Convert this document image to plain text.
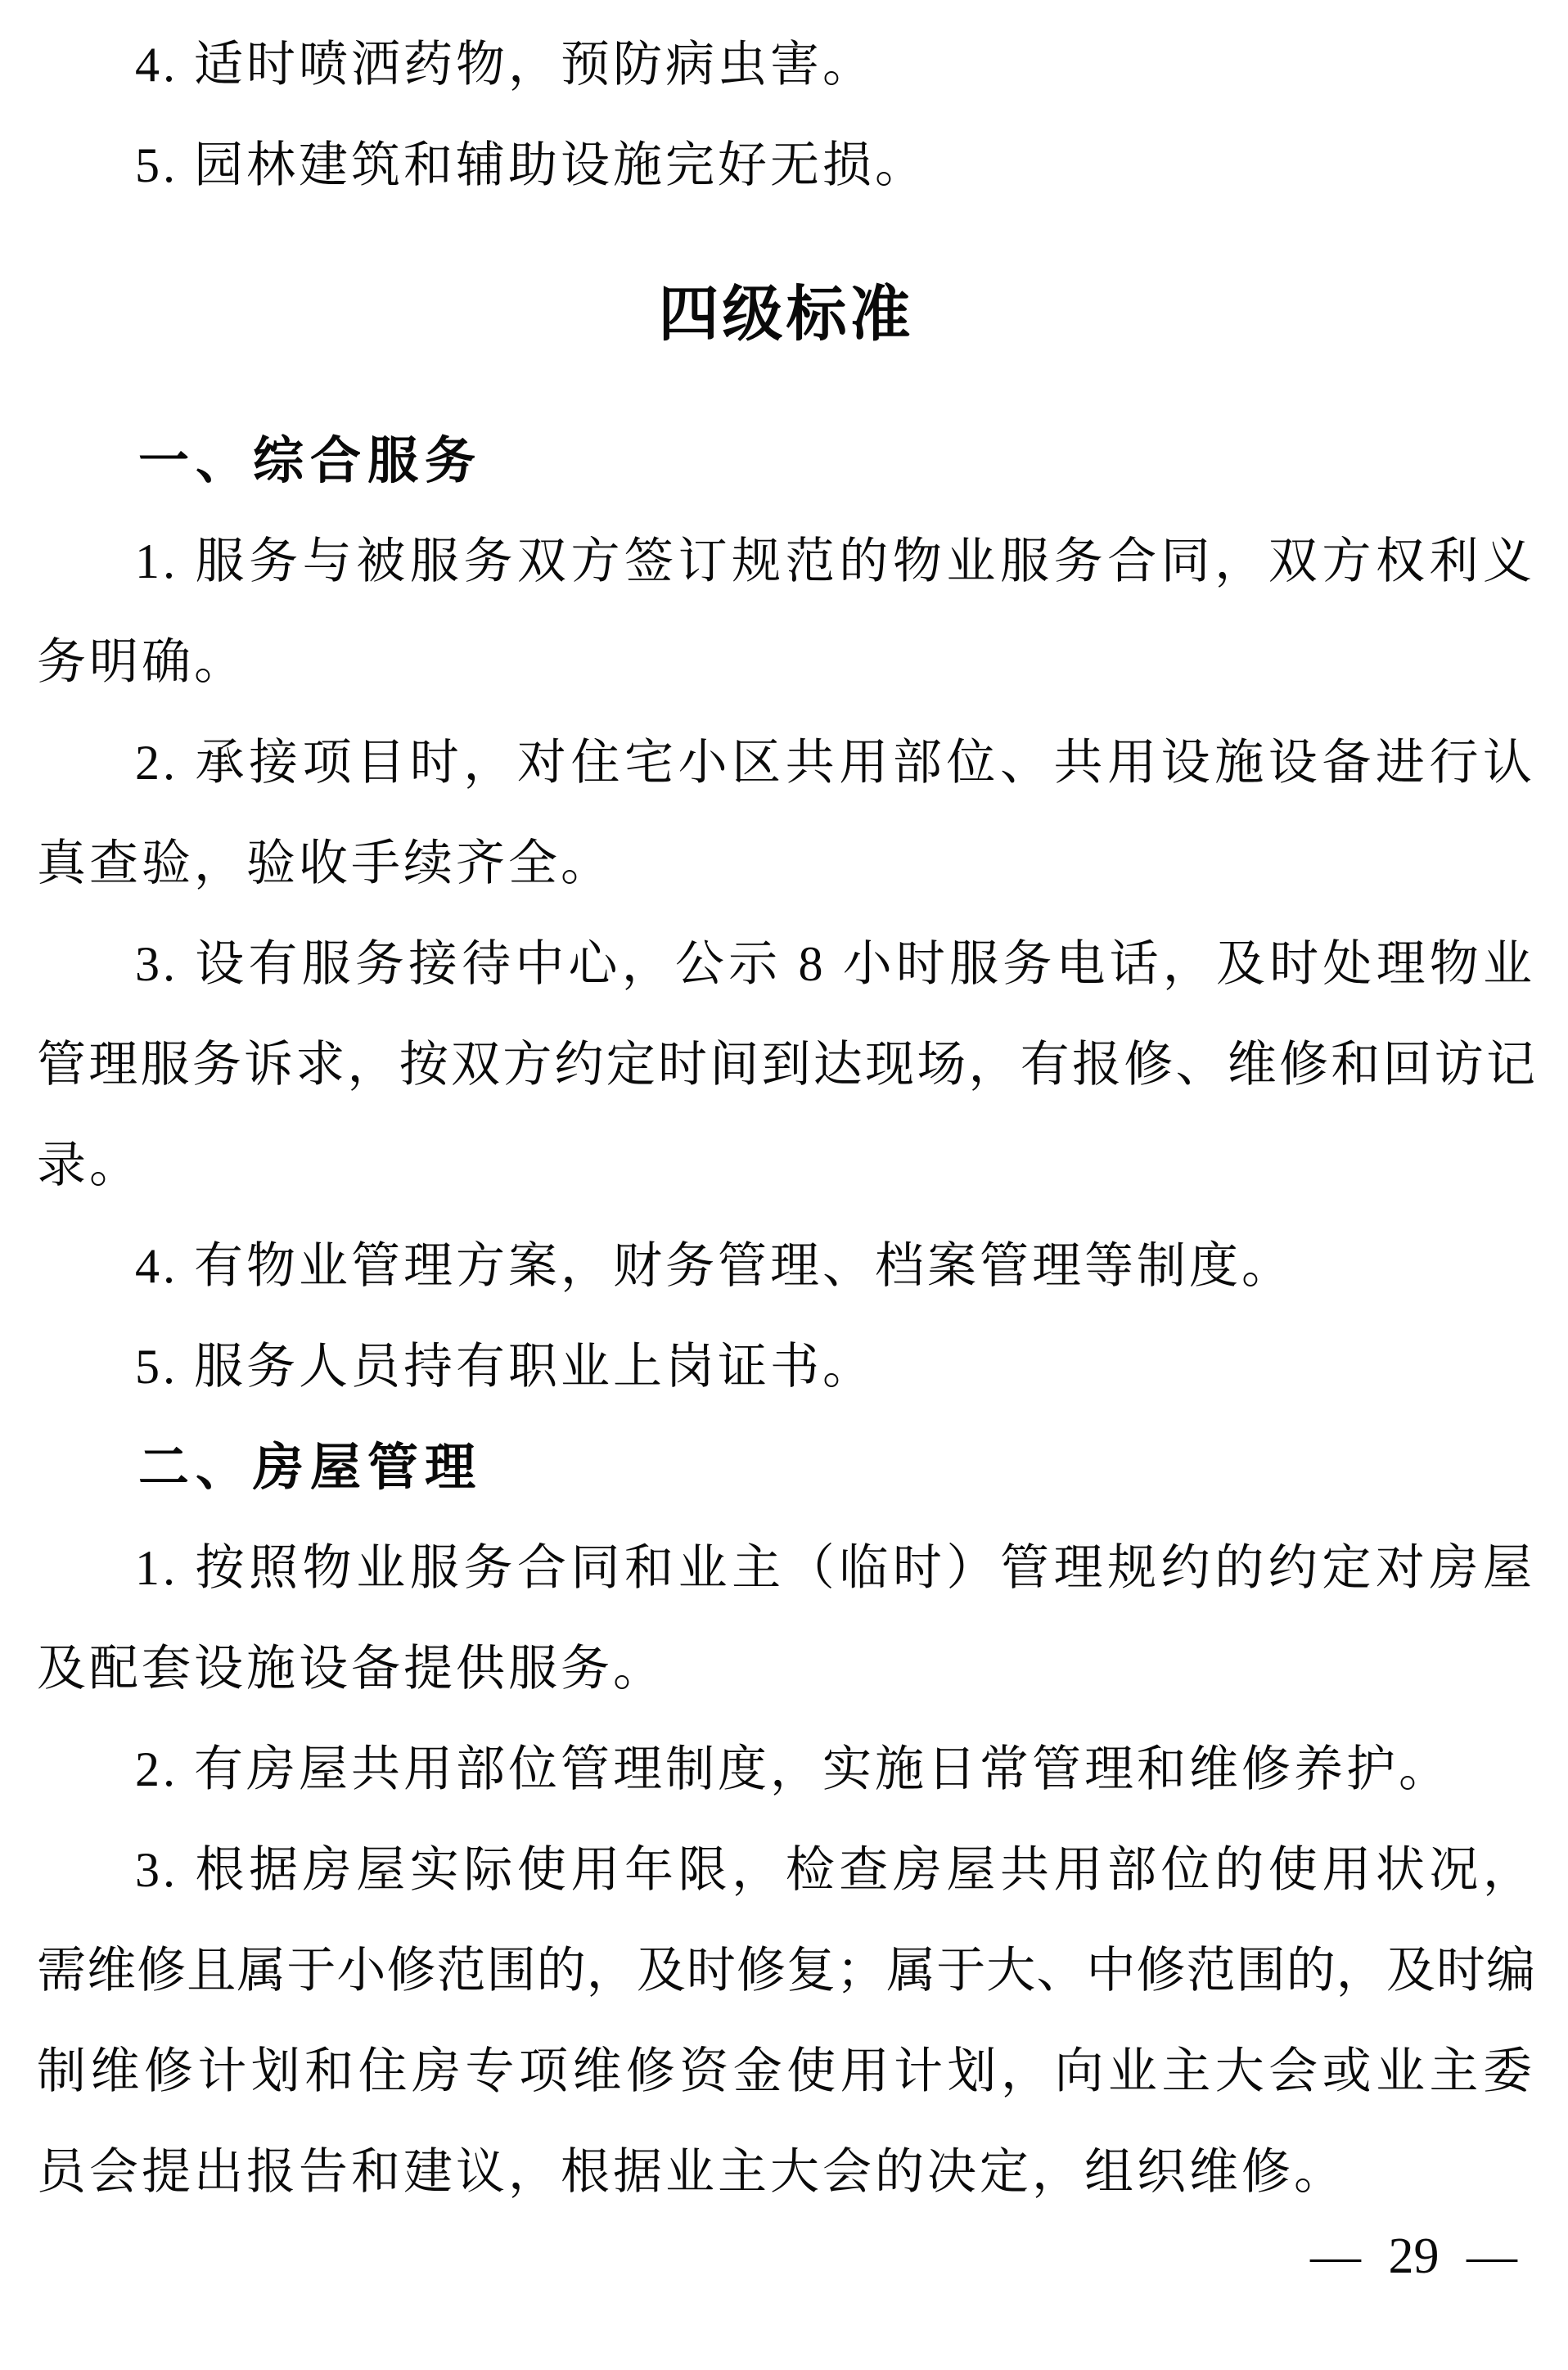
4. 适时喷洒药物，预防病虫害。
5. 园林建筑和辅助设施完好无损。
四级标准
一、综合服务
1. 服务与被服务双方签订规范的物业服务合同，双方权利义
务明确。
2. 承接项目时，对住宅小区共用部位、共用设施设备进行认
真查验，验收手续齐全。
3. 设有服务接待中心，公示 8 小时服务电话，及时处理物业
管理服务诉求，按双方约定时间到达现场，有报修、维修和回访记
录。
4. 有物业管理方案，财务管理、档案管理等制度。
5. 服务人员持有职业上岗证书。
二、房屋管理
1. 按照物业服务合同和业主（临时）管理规约的约定对房屋
及配套设施设备提供服务。
2. 有房屋共用部位管理制度，实施日常管理和维修养护。
3. 根据房屋实际使用年限，检查房屋共用部位的使用状况，
需维修且属于小修范围的，及时修复；属于大、中修范围的，及时编
制维修计划和住房专项维修资金使用计划，向业主大会或业主委
员会提出报告和建议，根据业主大会的决定，组织维修。
— 29 —
